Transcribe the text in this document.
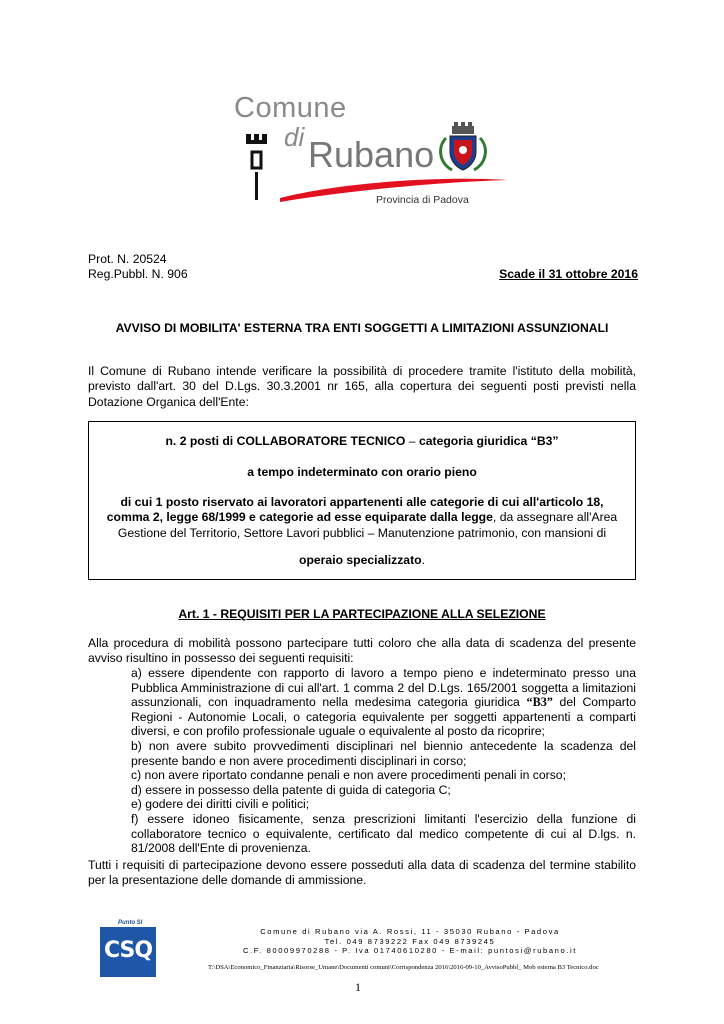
Comune
di Rubano
Provincia di Padova
Prot. N. 20524
Reg.Pubbl. N. 906	Scade il 31 ottobre 2016
AVVISO DI MOBILITA' ESTERNA TRA ENTI SOGGETTI A LIMITAZIONI ASSUNZIONALI
Il Comune di Rubano intende verificare la possibilità di procedere tramite l'istituto della mobilità, previsto dall'art. 30 del D.Lgs. 30.3.2001 nr 165, alla copertura dei seguenti posti previsti nella Dotazione Organica dell'Ente:

n. 2 posti di COLLABORATORE TECNICO – categoria giuridica “B3”

a tempo indeterminato con orario pieno

di cui 1 posto riservato ai lavoratori appartenenti alle categorie di cui all'articolo 18, comma 2, legge 68/1999 e categorie ad esse equiparate dalla legge, da assegnare all'Area Gestione del Territorio, Settore Lavori pubblici – Manutenzione patrimonio, con mansioni di

operaio specializzato.

Art. 1 - REQUISITI PER LA PARTECIPAZIONE ALLA SELEZIONE
Alla procedura di mobilità possono partecipare tutti coloro che alla data di scadenza del presente avviso risultino in possesso dei seguenti requisiti:
a) essere dipendente con rapporto di lavoro a tempo pieno e indeterminato presso una Pubblica Amministrazione di cui all'art. 1 comma 2 del D.Lgs. 165/2001 soggetta a limitazioni assunzionali, con inquadramento nella medesima categoria giuridica “B3” del Comparto Regioni - Autonomie Locali, o categoria equivalente per soggetti appartenenti a comparti diversi, e con profilo professionale uguale o equivalente al posto da ricoprire;
b) non avere subito provvedimenti disciplinari nel biennio antecedente la scadenza del presente bando e non avere procedimenti disciplinari in corso;
c) non avere riportato condanne penali e non avere procedimenti penali in corso;
d) essere in possesso della patente di guida di categoria C;
e) godere dei diritti civili e politici;
f) essere idoneo fisicamente, senza prescrizioni limitanti l'esercizio della funzione di collaboratore tecnico o equivalente, certificato dal medico competente di cui al D.lgs. n. 81/2008 dell'Ente di provenienza.
Tutti i requisiti di partecipazione devono essere posseduti alla data di scadenza del termine stabilito per la presentazione delle domande di ammissione.
Punto SI
CSQ
Comune di Rubano via A. Rossi, 11 - 35030 Rubano - Padova
Tel. 049 8739222 Fax 049 8739245
C.F. 80009970288 - P. Iva 01740610280 - E-mail: puntosi@rubano.it
T:\DSA\Economico_Finanziaria\Risorse_Umane\Documenti comuni\Corrispondenza 2016\2016-09-10_AvvisoPubbl_ Mob esterna B3 Tecnico.doc
1
